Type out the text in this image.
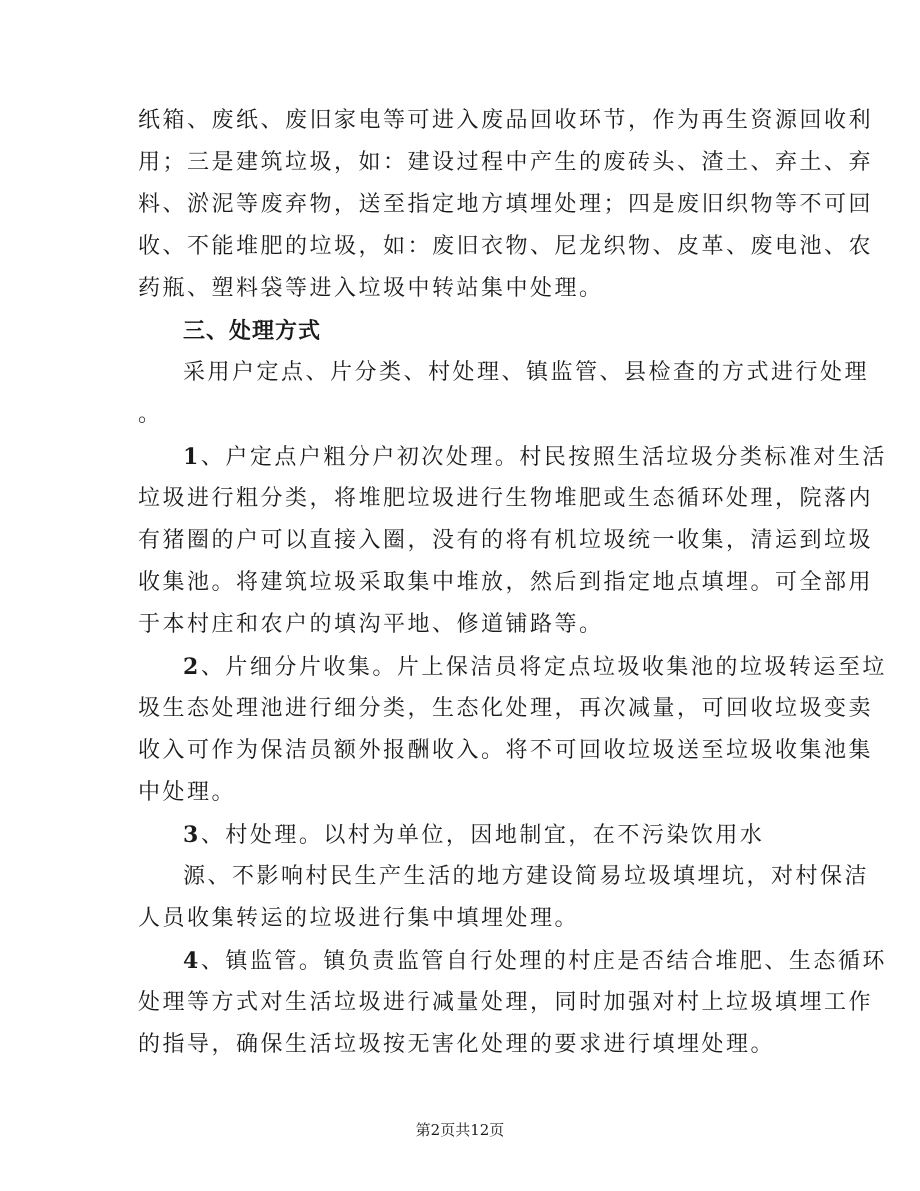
纸箱、废纸、废旧家电等可进入废品回收环节，作为再生资源回收利
用；三是建筑垃圾，如：建设过程中产生的废砖头、渣土、弃土、弃
料、淤泥等废弃物，送至指定地方填埋处理；四是废旧织物等不可回
收、不能堆肥的垃圾，如：废旧衣物、尼龙织物、皮革、废电池、农
药瓶、塑料袋等进入垃圾中转站集中处理。
三、处理方式
采用户定点、片分类、村处理、镇监管、县检查的方式进行处理
。
1、户定点户粗分户初次处理。村民按照生活垃圾分类标准对生活
垃圾进行粗分类，将堆肥垃圾进行生物堆肥或生态循环处理，院落内
有猪圈的户可以直接入圈，没有的将有机垃圾统一收集，清运到垃圾
收集池。将建筑垃圾采取集中堆放，然后到指定地点填埋。可全部用
于本村庄和农户的填沟平地、修道铺路等。
2、片细分片收集。片上保洁员将定点垃圾收集池的垃圾转运至垃
圾生态处理池进行细分类，生态化处理，再次减量，可回收垃圾变卖
收入可作为保洁员额外报酬收入。将不可回收垃圾送至垃圾收集池集
中处理。
3、村处理。以村为单位，因地制宜，在不污染饮用水
源、不影响村民生产生活的地方建设简易垃圾填埋坑，对村保洁
人员收集转运的垃圾进行集中填埋处理。
4、镇监管。镇负责监管自行处理的村庄是否结合堆肥、生态循环
处理等方式对生活垃圾进行减量处理，同时加强对村上垃圾填埋工作
的指导，确保生活垃圾按无害化处理的要求进行填埋处理。
第2页共12页
